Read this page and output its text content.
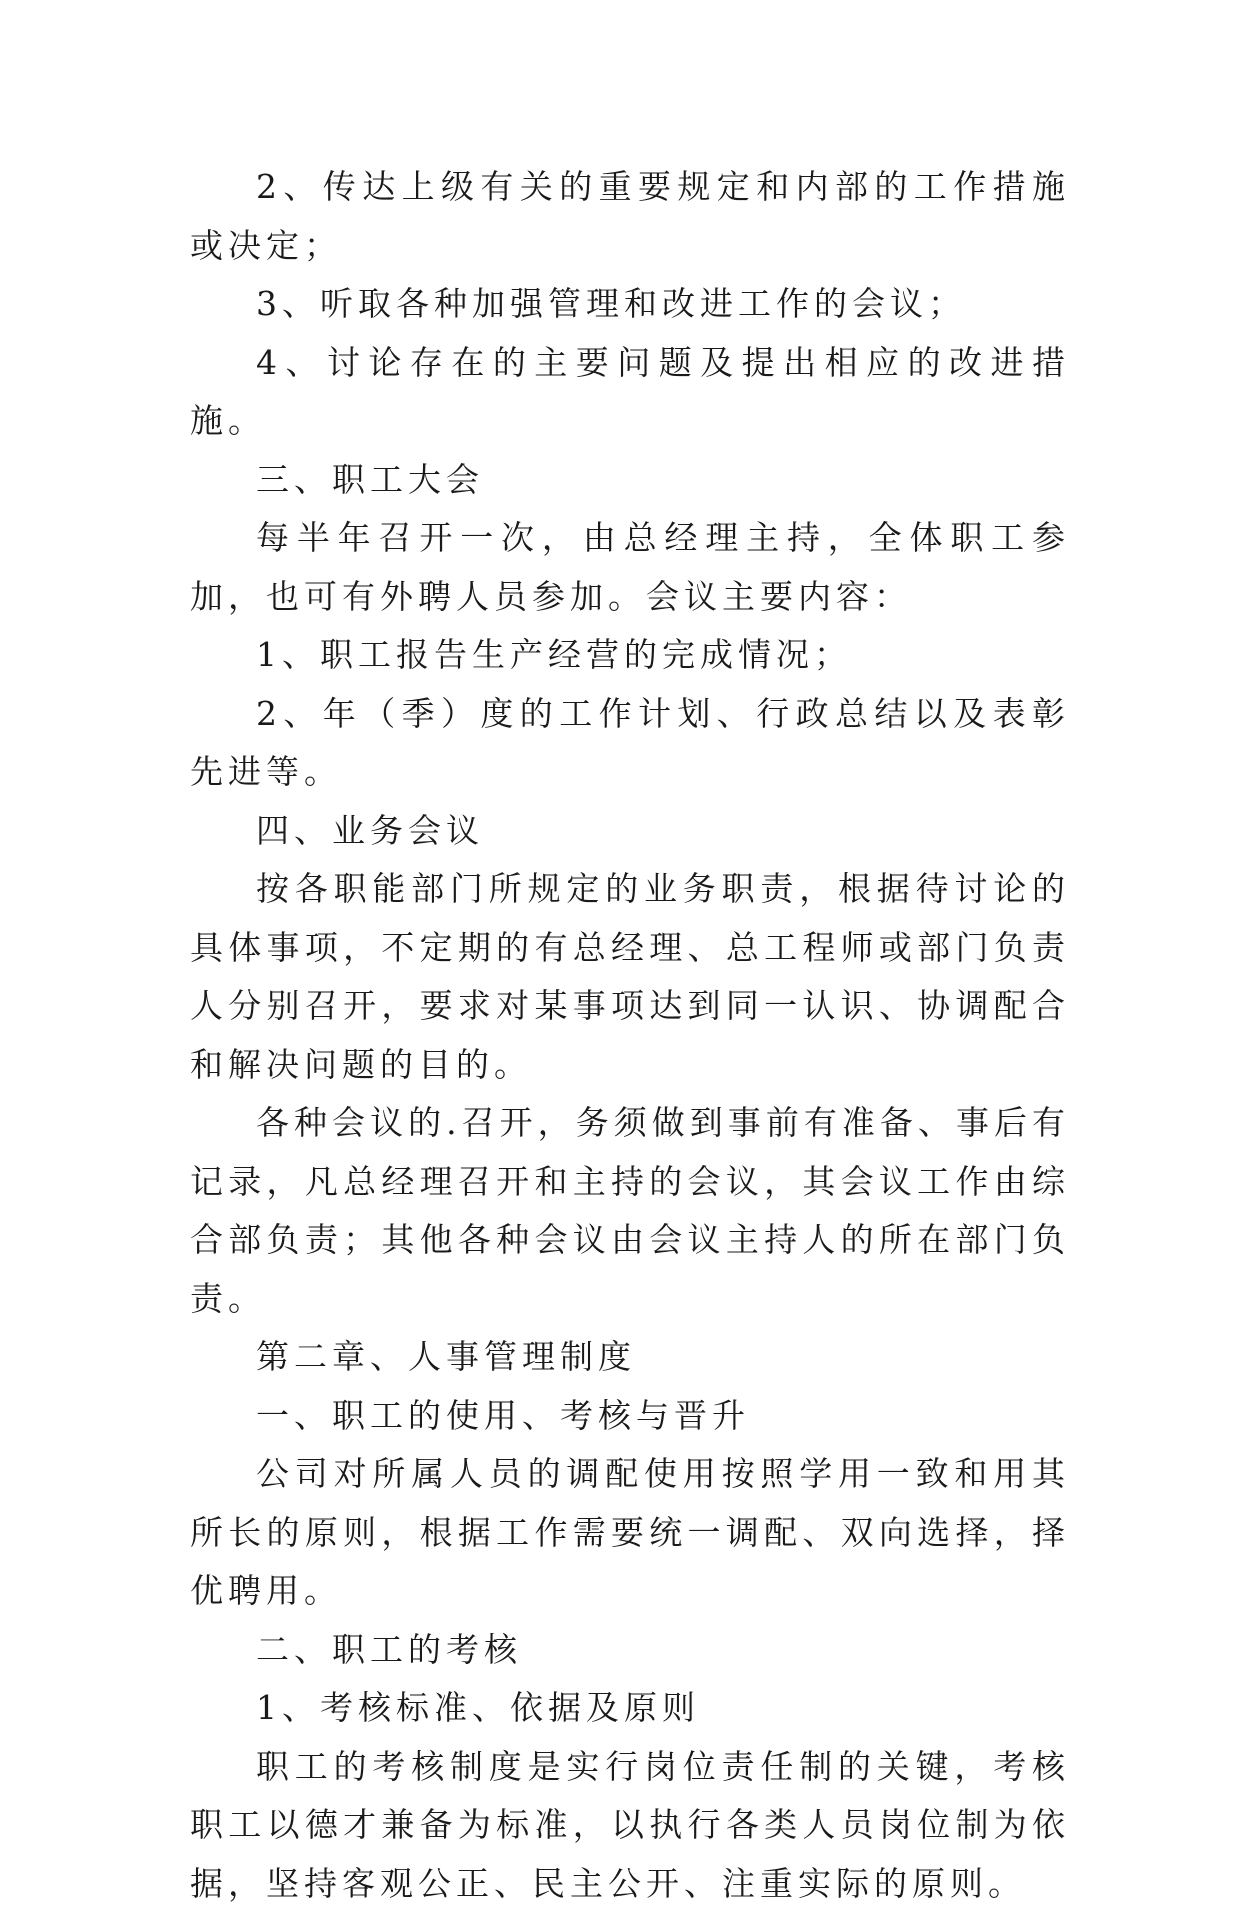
2、传达上级有关的重要规定和内部的工作措施或决定；

3、听取各种加强管理和改进工作的会议；

4、讨论存在的主要问题及提出相应的改进措施。

三、职工大会

每半年召开一次，由总经理主持，全体职工参加，也可有外聘人员参加。会议主要内容：

1、职工报告生产经营的完成情况；

2、年（季）度的工作计划、行政总结以及表彰先进等。

四、业务会议

按各职能部门所规定的业务职责，根据待讨论的具体事项，不定期的有总经理、总工程师或部门负责人分别召开，要求对某事项达到同一认识、协调配合和解决问题的目的。

各种会议的.召开，务须做到事前有准备、事后有记录，凡总经理召开和主持的会议，其会议工作由综合部负责；其他各种会议由会议主持人的所在部门负责。

第二章、人事管理制度

一、职工的使用、考核与晋升

公司对所属人员的调配使用按照学用一致和用其所长的原则，根据工作需要统一调配、双向选择，择优聘用。

二、职工的考核

1、考核标准、依据及原则

职工的考核制度是实行岗位责任制的关键，考核职工以德才兼备为标准，以执行各类人员岗位制为依据，坚持客观公正、民主公开、注重实际的原则。
